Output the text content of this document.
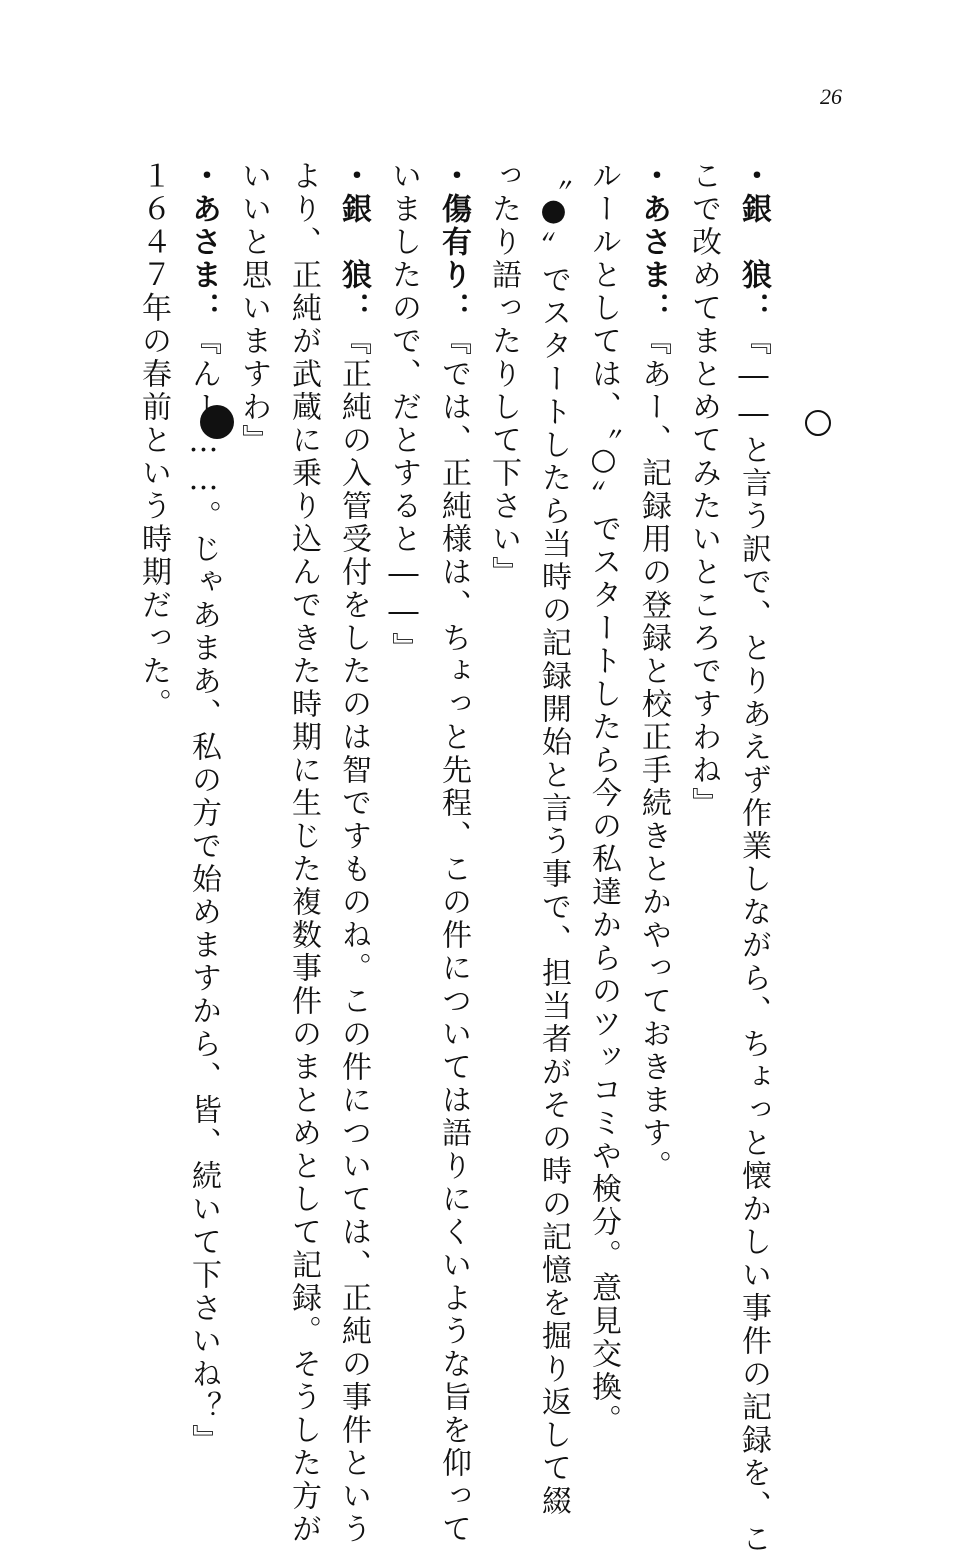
26
・銀　狼：『――と言う訳で、とりあえず作業しながら、ちょっと懐かしい事件の記録を、こ
こで改めてまとめてみたいところですわね』
・あさま：『あー、記録用の登録と校正手続きとかやっておきます。
ルールとしては、〝○〟でスタートしたら今の私達からのツッコミや検分。意見交換。
〝●〟でスタートしたら当時の記録開始と言う事で、担当者がその時の記憶を掘り返して綴
ったり語ったりして下さい』
・傷有り：『では、正純様は、ちょっと先程、この件については語りにくいような旨を仰って
いましたので、だとすると――』
・銀　狼：『正純の入管受付をしたのは智ですものね。この件については、正純の事件という
より、正純が武蔵に乗り込んできた時期に生じた複数事件のまとめとして記録。そうした方が
いいと思いますわ』
・あさま：『んー……。じゃあまあ、私の方で始めますから、皆、続いて下さいね？』
１６４７年の春前という時期だった。
